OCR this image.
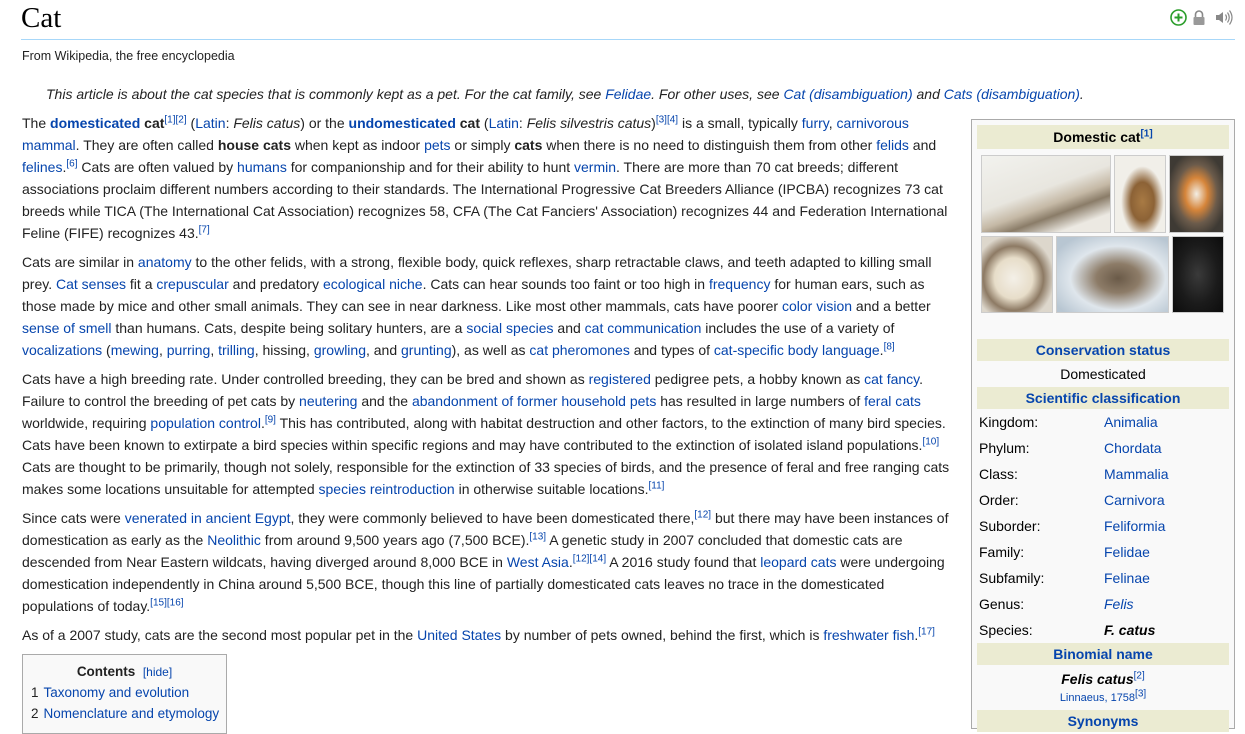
Cat
From Wikipedia, the free encyclopedia
This article is about the cat species that is commonly kept as a pet. For the cat family, see Felidae. For other uses, see Cat (disambiguation) and Cats (disambiguation).

The domesticated cat[1][2] (Latin: Felis catus) or the undomesticated cat (Latin: Felis silvestris catus)[3][4] is a small, typically furry, carnivorous mammal. They are often called house cats when kept as indoor pets or simply cats when there is no need to distinguish them from other felids and felines.[6] Cats are often valued by humans for companionship and for their ability to hunt vermin. There are more than 70 cat breeds; different associations proclaim different numbers according to their standards. The International Progressive Cat Breeders Alliance (IPCBA) recognizes 73 cat breeds while TICA (The International Cat Association) recognizes 58, CFA (The Cat Fanciers' Association) recognizes 44 and Federation International Feline (FIFE) recognizes 43.[7]

Cats are similar in anatomy to the other felids, with a strong, flexible body, quick reflexes, sharp retractable claws, and teeth adapted to killing small prey. Cat senses fit a crepuscular and predatory ecological niche. Cats can hear sounds too faint or too high in frequency for human ears, such as those made by mice and other small animals. They can see in near darkness. Like most other mammals, cats have poorer color vision and a better sense of smell than humans. Cats, despite being solitary hunters, are a social species and cat communication includes the use of a variety of vocalizations (mewing, purring, trilling, hissing, growling, and grunting), as well as cat pheromones and types of cat-specific body language.[8]

Cats have a high breeding rate. Under controlled breeding, they can be bred and shown as registered pedigree pets, a hobby known as cat fancy. Failure to control the breeding of pet cats by neutering and the abandonment of former household pets has resulted in large numbers of feral cats worldwide, requiring population control.[9] This has contributed, along with habitat destruction and other factors, to the extinction of many bird species. Cats have been known to extirpate a bird species within specific regions and may have contributed to the extinction of isolated island populations.[10] Cats are thought to be primarily, though not solely, responsible for the extinction of 33 species of birds, and the presence of feral and free ranging cats makes some locations unsuitable for attempted species reintroduction in otherwise suitable locations.[11]

Since cats were venerated in ancient Egypt, they were commonly believed to have been domesticated there,[12] but there may have been instances of domestication as early as the Neolithic from around 9,500 years ago (7,500 BCE).[13] A genetic study in 2007 concluded that domestic cats are descended from Near Eastern wildcats, having diverged around 8,000 BCE in West Asia.[12][14] A 2016 study found that leopard cats were undergoing domestication independently in China around 5,500 BCE, though this line of partially domesticated cats leaves no trace in the domesticated populations of today.[15][16]

As of a 2007 study, cats are the second most popular pet in the United States by number of pets owned, behind the first, which is freshwater fish.[17]

Contents [hide]
1 Taxonomy and evolution
2 Nomenclature and etymology
Domestic cat[1]
Conservation status
Domesticated
Scientific classification
Kingdom:	Animalia
Phylum:	Chordata
Class:	Mammalia
Order:	Carnivora
Suborder:	Feliformia
Family:	Felidae
Subfamily:	Felinae
Genus:	Felis
Species:	F. catus
Binomial name
Felis catus[2]
Linnaeus, 1758[3]
Synonyms
